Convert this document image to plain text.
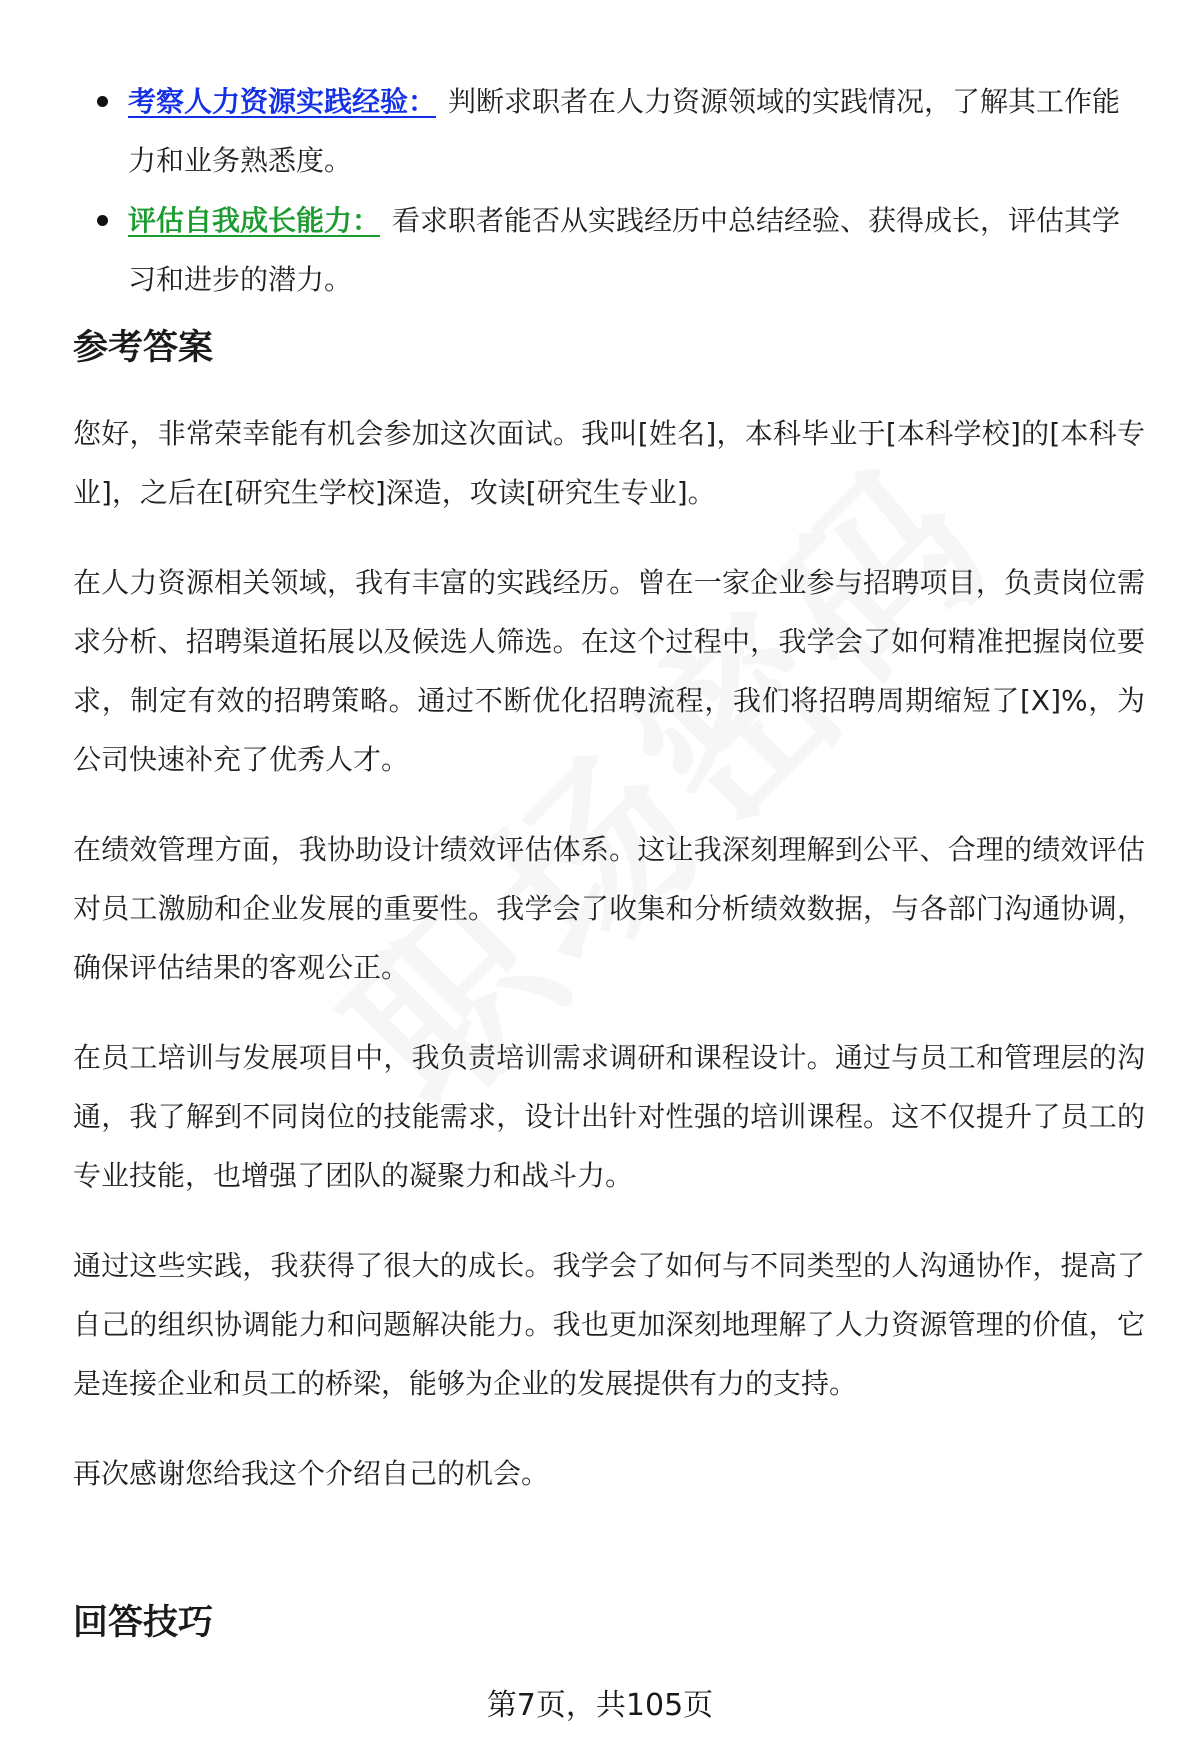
考察人力资源实践经验： 判断求职者在人力资源领域的实践情况，了解其工作能力和业务熟悉度。
评估自我成长能力： 看求职者能否从实践经历中总结经验、获得成长，评估其学习和进步的潜力。
参考答案

您好，非常荣幸能有机会参加这次面试。我叫[姓名]，本科毕业于[本科学校]的[本科专业]，之后在[研究生学校]深造，攻读[研究生专业]。

在人力资源相关领域，我有丰富的实践经历。曾在一家企业参与招聘项目，负责岗位需求分析、招聘渠道拓展以及候选人筛选。在这个过程中，我学会了如何精准把握岗位要求，制定有效的招聘策略。通过不断优化招聘流程，我们将招聘周期缩短了[X]%，为公司快速补充了优秀人才。

在绩效管理方面，我协助设计绩效评估体系。这让我深刻理解到公平、合理的绩效评估对员工激励和企业发展的重要性。我学会了收集和分析绩效数据，与各部门沟通协调，确保评估结果的客观公正。

在员工培训与发展项目中，我负责培训需求调研和课程设计。通过与员工和管理层的沟通，我了解到不同岗位的技能需求，设计出针对性强的培训课程。这不仅提升了员工的专业技能，也增强了团队的凝聚力和战斗力。

通过这些实践，我获得了很大的成长。我学会了如何与不同类型的人沟通协作，提高了自己的组织协调能力和问题解决能力。我也更加深刻地理解了人力资源管理的价值，它是连接企业和员工的桥梁，能够为企业的发展提供有力的支持。

再次感谢您给我这个介绍自己的机会。

回答技巧
第7页，共105页
